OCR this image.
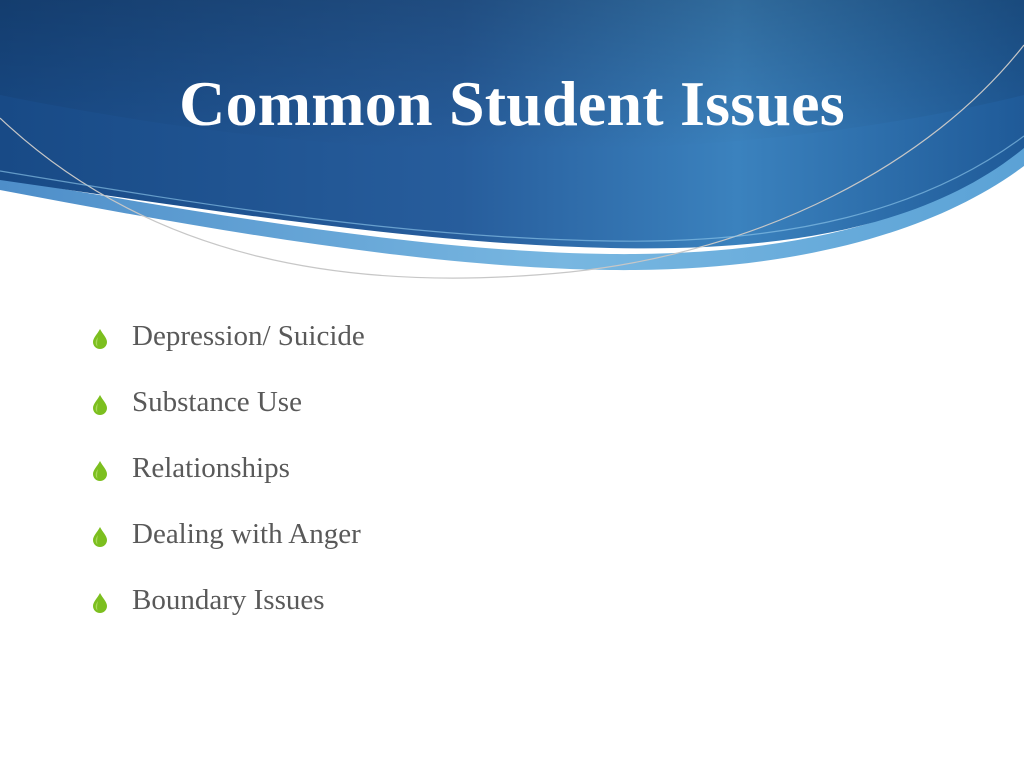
Common Student Issues
Depression/ Suicide
Substance Use
Relationships
Dealing with Anger
Boundary Issues
